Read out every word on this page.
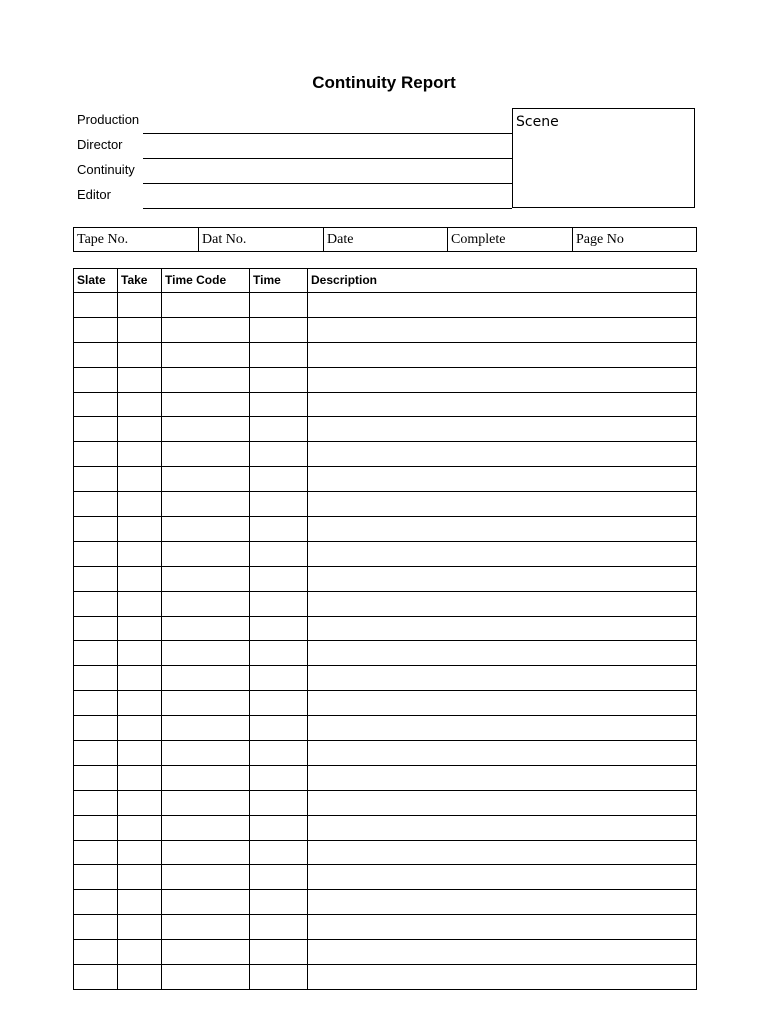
Continuity Report
Production
Director
Continuity
Editor
Scene
Tape No.	Dat No.	Date	Complete	Page No
Slate	Take	Time Code	Time	Description
